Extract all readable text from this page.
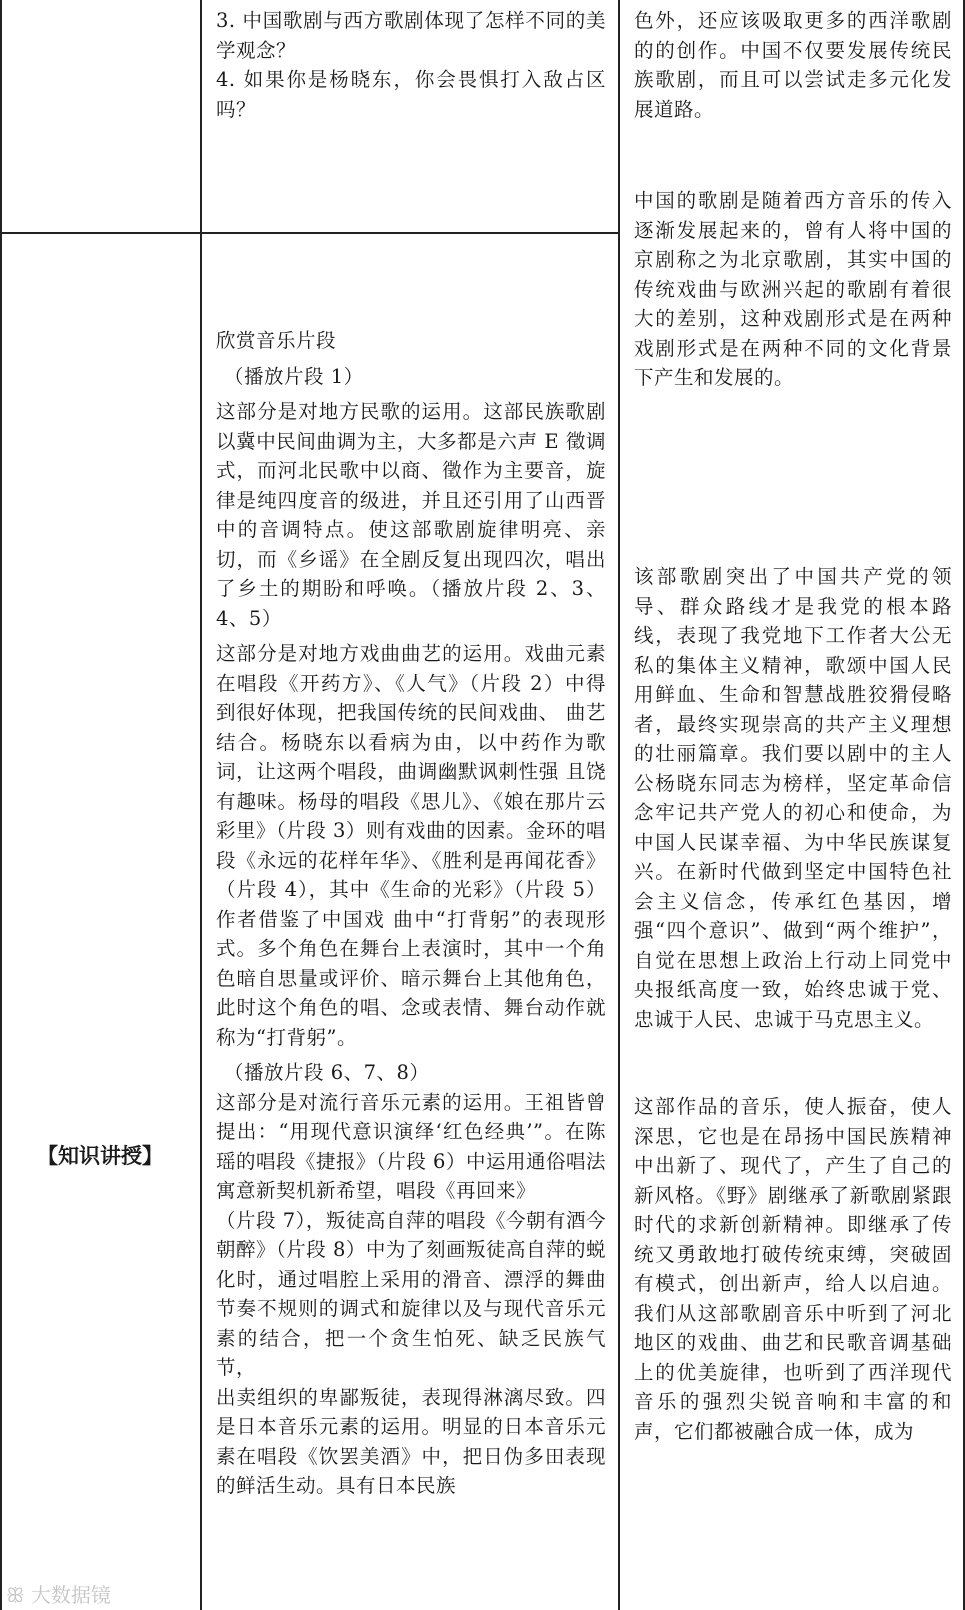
3. 中国歌剧与西方歌剧体现了怎样不同的美学观念？

4. 如果你是杨晓东，你会畏惧打入敌占区吗？

色外，还应该吸取更多的西洋歌剧的的创作。中国不仅要发展传统民族歌剧，而且可以尝试走多元化发展道路。

【知识讲授】

欣赏音乐片段

（播放片段 1）

这部分是对地方民歌的运用。这部民族歌剧以冀中民间曲调为主，大多都是六声 E 徵调式，而河北民歌中以商、徵作为主要音，旋律是纯四度音的级进，并且还引用了山西晋中的音调特点。使这部歌剧旋律明亮、亲切，而《乡谣》在全剧反复出现四次，唱出了乡土的期盼和呼唤。（播放片段 2、3、4、5）

这部分是对地方戏曲曲艺的运用。戏曲元素在唱段《开药方》、《人气》（片段 2）中得到很好体现，把我国传统的民间戏曲、 曲艺结合。杨晓东以看病为由，以中药作为歌词，让这两个唱段，曲调幽默讽刺性强 且饶有趣味。杨母的唱段《思儿》、《娘在那片云彩里》（片段 3）则有戏曲的因素。金环的唱段《永远的花样年华》、《胜利是再闻花香》（片段 4），其中《生命的光彩》（片段 5）作者借鉴了中国戏 曲中“打背躬”的表现形式。多个角色在舞台上表演时，其中一个角色暗自思量或评价、暗示舞台上其他角色，此时这个角色的唱、念或表情、舞台动作就称为“打背躬”。

（播放片段 6、7、8）

这部分是对流行音乐元素的运用。王祖皆曾提出：“用现代意识演绎‘红色经典’”。在陈瑶的唱段《捷报》（片段 6）中运用通俗唱法寓意新契机新希望，唱段《再回来》

（片段 7），叛徒高自萍的唱段《今朝有酒今朝醉》（片段 8）中为了刻画叛徒高自萍的蜕化时，通过唱腔上采用的滑音、漂浮的舞曲节奏不规则的调式和旋律以及与现代音乐元素的结合，把一个贪生怕死、缺乏民族气节，

出卖组织的卑鄙叛徒，表现得淋漓尽致。四是日本音乐元素的运用。明显的日本音乐元素在唱段《饮罢美酒》中，把日伪多田表现的鲜活生动。具有日本民族

中国的歌剧是随着西方音乐的传入逐渐发展起来的，曾有人将中国的京剧称之为北京歌剧，其实中国的传统戏曲与欧洲兴起的歌剧有着很大的差别，这种戏剧形式是在两种戏剧形式是在两种不同的文化背景下产生和发展的。

该部歌剧突出了中国共产党的领导、群众路线才是我党的根本路线，表现了我党地下工作者大公无私的集体主义精神，歌颂中国人民用鲜血、生命和智慧战胜狡猾侵略者，最终实现崇高的共产主义理想的壮丽篇章。我们要以剧中的主人公杨晓东同志为榜样，坚定革命信念牢记共产党人的初心和使命，为中国人民谋幸福、为中华民族谋复兴。在新时代做到坚定中国特色社会主义信念，传承红色基因，增强“四个意识”、做到“两个维护”，自觉在思想上政治上行动上同党中央报纸高度一致，始终忠诚于党、忠诚于人民、忠诚于马克思主义。

这部作品的音乐，使人振奋，使人深思，它也是在昂扬中国民族精神中出新了、现代了，产生了自己的新风格。《野》剧继承了新歌剧紧跟时代的求新创新精神。即继承了传统又勇敢地打破传统束缚，突破固有模式，创出新声，给人以启迪。我们从这部歌剧音乐中听到了河北地区的戏曲、曲艺和民歌音调基础上的优美旋律，也听到了西洋现代音乐的强烈尖锐音响和丰富的和声，它们都被融合成一体，成为

ꕥ 大数据镜
